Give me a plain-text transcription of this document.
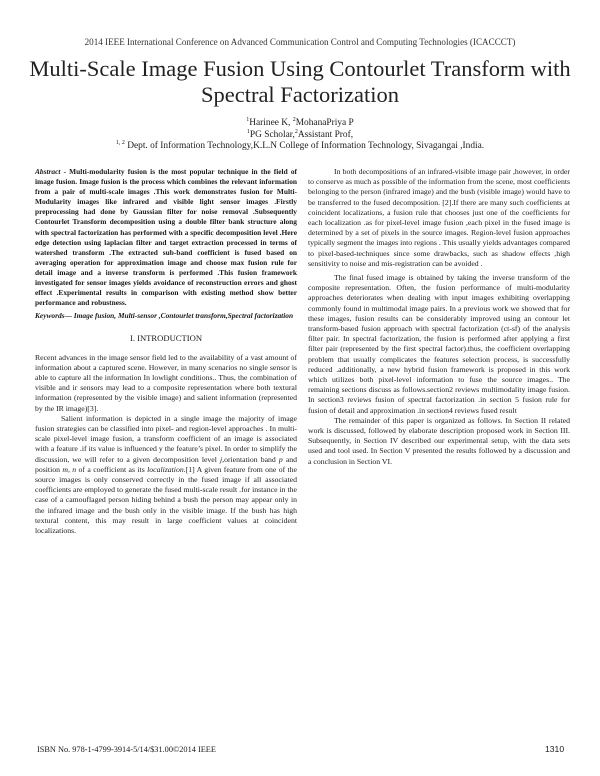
2014 IEEE International Conference on Advanced Communication Control and Computing Technologies (ICACCCT)
Multi-Scale Image Fusion Using Contourlet Transform with Spectral Factorization
$^1$Harinee K, $^2$MohanaPriya P
$^1$PG Scholar,$^2$Assistant Prof,
$^{1, 2}$ Dept. of Information Technology,K.L.N College of Information Technology, Sivagangai ,India.

Abstract - Multi-modularity fusion is the most popular technique in the field of image fusion. Image fusion is the process which combines the relevant information from a pair of multi-scale images .This work demonstrates fusion for Multi-Modularity images like infrared and visible light sensor images .Firstly preprocessing had done by Gaussian filter for noise removal .Subsequently Contourlet Transform decomposition using a double filter bank structure along with spectral factorization has performed with a specific decomposition level .Here edge detection using laplacian filter and target extraction processed in terms of watershed transform .The extracted sub-band coefficient is fused based on averaging operation for approximation image and choose max fusion rule for detail image and a inverse transform is performed .This fusion framework investigated for sensor images yields avoidance of reconstruction errors and ghost effect .Experimental results in comparison with existing method show better performance and robustness.

Keywords— Image fusion, Multi-sensor ,Contourlet transform,Spectral factorization

I. INTRODUCTION

Recent advances in the image sensor field led to the availability of a vast amount of information about a captured scene. However, in many scenarios no single sensor is able to capture all the information In lowlight conditions.. Thus, the combination of visible and ir sensors may lead to a composite representation where both textural information (represented by the visible image) and salient information (represented by the IR image)[3].

Salient information is depicted in a single image the majority of image fusion strategies can be classified into pixel- and region-level approaches . In multi-scale pixel-level image fusion, a transform coefficient of an image is associated with a feature .if its value is influenced y the feature’s pixel. In order to simplify the discussion, we will refer to a given decomposition level j,orientation band p and position m, n of a coefficient as its localization.[1] A given feature from one of the source images is only conserved correctly in the fused image if all associated coefficients are employed to generate the fused multi-scale result .for instance in the case of a camouflaged person hiding behind a bush the person may appear only in the infrared image and the bush only in the visible image. If the bush has high textural content, this may result in large coefficient values at coincident localizations.

In both decompositions of an infrared-visible image pair ,however, in order to conserve as much as possible of the information from the scene, most coefficients belonging to the person (infrared image) and the bush (visible image) would have to be transferred to the fused decomposition. [2].If there are many such coefficients at coincident localizations, a fusion rule that chooses just one of the coefficients for each localization .as for pixel-level image fusion ,each pixel in the fused image is determined by a set of pixels in the source images. Region-level fusion approaches typically segment the images into regions . This usually yields advantages compared to pixel-based-techniques since some drawbacks, such as shadow effects ,high sensitivity to noise and mis-registration can be avoided .

The final fused image is obtained by taking the inverse transform of the composite representation. Often, the fusion performance of multi-modularity approaches deteriorates when dealing with input images exhibiting overlapping commonly found in multimodal image pairs. In a previous work we showed that for these images, fusion results can be considerably improved using an contour let transform-based fusion approach with spectral factorization (ct-sf) of the analysis filter pair. In spectral factorization, the fusion is performed after applying a first filter pair (represented by the first spectral factor).thus, the coefficient overlapping problem that usually complicates the features selection process, is successfully reduced .additionally, a new hybrid fusion framework is proposed in this work which utilizes both pixel-level information to fuse the source images.. The remaining sections discuss as follows.section2 reviews multimodality image fusion. In section3 reviews fusion of spectral factorization .in section 5 fusion rule for fusion of detail and approximation .in section4 reviews fused result

The remainder of this paper is organized as follows. In Section II related work is discussed, followed by elaborate description proposed work in Section III. Subsequently, in Section IV described our experimental setup, with the data sets used and tool used. In Section V presented the results followed by a discussion and a conclusion in Section VI.

ISBN No. 978-1-4799-3914-5/14/$31.00©2014 IEEE	1310
